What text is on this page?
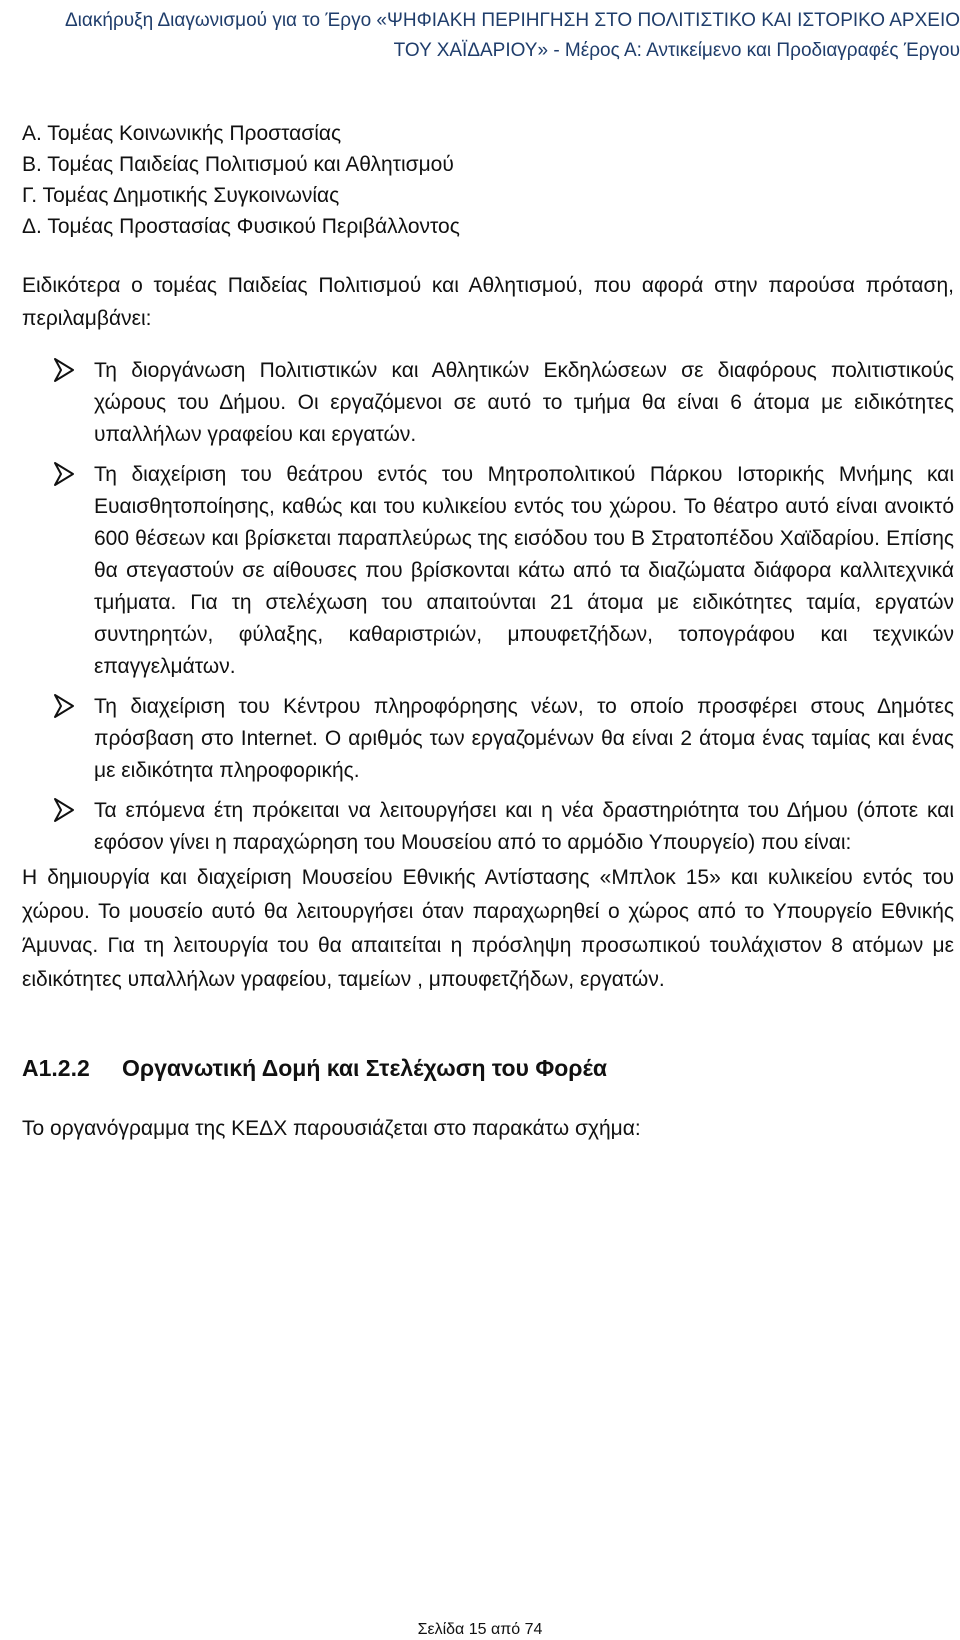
Διακήρυξη Διαγωνισμού για το Έργο «ΨΗΦΙΑΚΗ ΠΕΡΙΗΓΗΣΗ ΣΤΟ ΠΟΛΙΤΙΣΤΙΚΟ ΚΑΙ ΙΣΤΟΡΙΚΟ ΑΡΧΕΙΟ
ΤΟΥ ΧΑΪΔΑΡΙΟΥ» - Μέρος Α: Αντικείμενο και Προδιαγραφές Έργου
Α. Τομέας Κοινωνικής Προστασίας
Β. Τομέας Παιδείας Πολιτισμού και Αθλητισμού
Γ. Τομέας Δημοτικής Συγκοινωνίας
Δ. Τομέας Προστασίας Φυσικού Περιβάλλοντος
Ειδικότερα ο τομέας Παιδείας Πολιτισμού και Αθλητισμού, που αφορά στην παρούσα πρόταση, περιλαμβάνει:
Τη διοργάνωση Πολιτιστικών και Αθλητικών Εκδηλώσεων σε διαφόρους πολιτιστικούς χώρους του Δήμου. Οι εργαζόμενοι σε αυτό το τμήμα θα είναι 6 άτομα με ειδικότητες υπαλλήλων γραφείου και εργατών.
Τη διαχείριση του θεάτρου εντός του Μητροπολιτικού Πάρκου Ιστορικής Μνήμης και Ευαισθητοποίησης, καθώς και του κυλικείου εντός του χώρου. Το θέατρο αυτό είναι ανοικτό 600 θέσεων και βρίσκεται παραπλεύρως της εισόδου του Β Στρατοπέδου Χαϊδαρίου. Επίσης θα στεγαστούν σε αίθουσες που βρίσκονται κάτω από τα διαζώματα διάφορα καλλιτεχνικά τμήματα. Για τη στελέχωση του απαιτούνται 21 άτομα με ειδικότητες ταμία, εργατών συντηρητών, φύλαξης, καθαριστριών, μπουφετζήδων, τοπογράφου και τεχνικών επαγγελμάτων.
Τη διαχείριση του Κέντρου πληροφόρησης νέων, το οποίο προσφέρει στους Δημότες πρόσβαση στο Internet. Ο αριθμός των εργαζομένων θα είναι 2 άτομα ένας ταμίας και ένας με ειδικότητα πληροφορικής.
Τα επόμενα έτη πρόκειται να λειτουργήσει και η νέα δραστηριότητα του Δήμου (όποτε και εφόσον γίνει η παραχώρηση του Μουσείου από το αρμόδιο Υπουργείο) που είναι:
Η δημιουργία και διαχείριση Μουσείου Εθνικής Αντίστασης «Μπλοκ 15» και κυλικείου εντός του χώρου. Το μουσείο αυτό θα λειτουργήσει όταν παραχωρηθεί ο χώρος από το Υπουργείο Εθνικής Άμυνας. Για τη λειτουργία του θα απαιτείται η πρόσληψη προσωπικού τουλάχιστον 8 ατόμων με ειδικότητες υπαλλήλων γραφείου, ταμείων , μπουφετζήδων, εργατών.
Α1.2.2	Οργανωτική Δομή και Στελέχωση του Φορέα
Το οργανόγραμμα της ΚΕΔΧ παρουσιάζεται στο παρακάτω σχήμα:
Σελίδα 15 από 74
